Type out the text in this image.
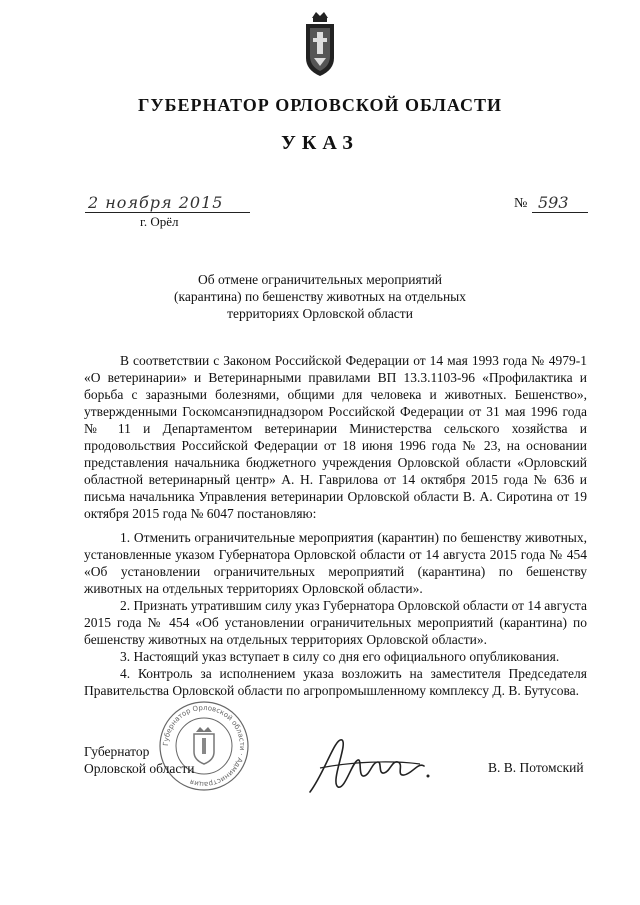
ГУБЕРНАТОР ОРЛОВСКОЙ ОБЛАСТИ
УКАЗ
2 ноября 2015
г. Орёл
№ 593
Об отмене ограничительных мероприятий
(карантина) по бешенству животных на отдельных
территориях Орловской области

В соответствии с Законом Российской Федерации от 14 мая 1993 года № 4979-1 «О ветеринарии» и Ветеринарными правилами ВП 13.3.1103-96 «Профилактика и борьба с заразными болезнями, общими для человека и животных. Бешенство», утвержденными Госкомсанэпиднадзором Российской Федерации от 31 мая 1996 года № 11 и Департаментом ветеринарии Министерства сельского хозяйства и продовольствия Российской Федерации от 18 июня 1996 года № 23, на основании представления начальника бюджетного учреждения Орловской области «Орловский областной ветеринарный центр» А. Н. Гаврилова от 14 октября 2015 года № 636 и письма начальника Управления ветеринарии Орловской области В. А. Сиротина от 19 октября 2015 года № 6047 постановляю:

1. Отменить ограничительные мероприятия (карантин) по бешенству животных, установленные указом Губернатора Орловской области от 14 августа 2015 года № 454 «Об установлении ограничительных мероприятий (карантина) по бешенству животных на отдельных территориях Орловской области».

2. Признать утратившим силу указ Губернатора Орловской области от 14 августа 2015 года № 454 «Об установлении ограничительных мероприятий (карантина) по бешенству животных на отдельных территориях Орловской области».

3. Настоящий указ вступает в силу со дня его официального опубликования.

4. Контроль за исполнением указа возложить на заместителя Председателя Правительства Орловской области по агропромышленному комплексу Д. В. Бутусова.

Губернатор Орловской области · Администрация
Губернатор
Орловской области	В. В. Потомский
